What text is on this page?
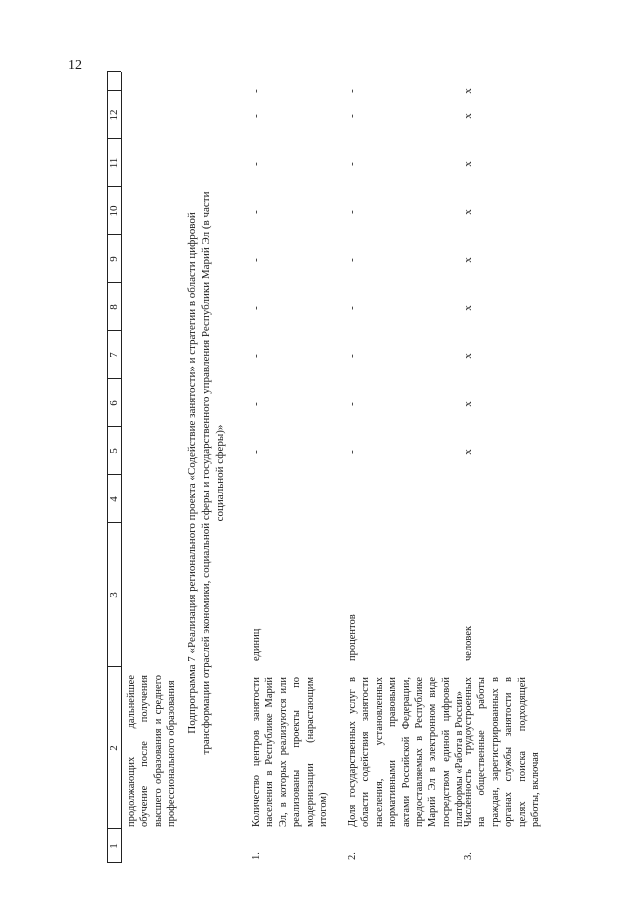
12
1
2
3
4
5
6
7
8
9
10
11
12
продолжающих дальнейшее обучение после получения высшего образования и среднего профессионального образования
Подпрограмма 7 «Реализация регионального проекта «Содействие занятости» и стратегии в области цифровой трансформации отраслей экономики, социальной сферы и государственного управления Республики Марий Эл (в части социальной сферы)»
1.
Количество центров занятости населения в Республике Марий Эл, в которых реализуются или реализованы проекты по модернизации (нарастающим итогом)
единиц
-
-
-
-
-
-
-
-
-
2.
Доля государственных услуг в области содействия занятости населения, установленных нормативными правовыми актами Российской Федерации, предоставляемых в Республике Марий Эл в электронном виде посредством единой цифровой платформы «Работа в России»
процентов
-
-
-
-
-
-
-
-
-
3.
Численность трудоустроенных на общественные работы граждан, зарегистрированных в органах службы занятости в целях поиска подходящей работы, включая
человек
x
x
x
x
x
x
x
x
x
